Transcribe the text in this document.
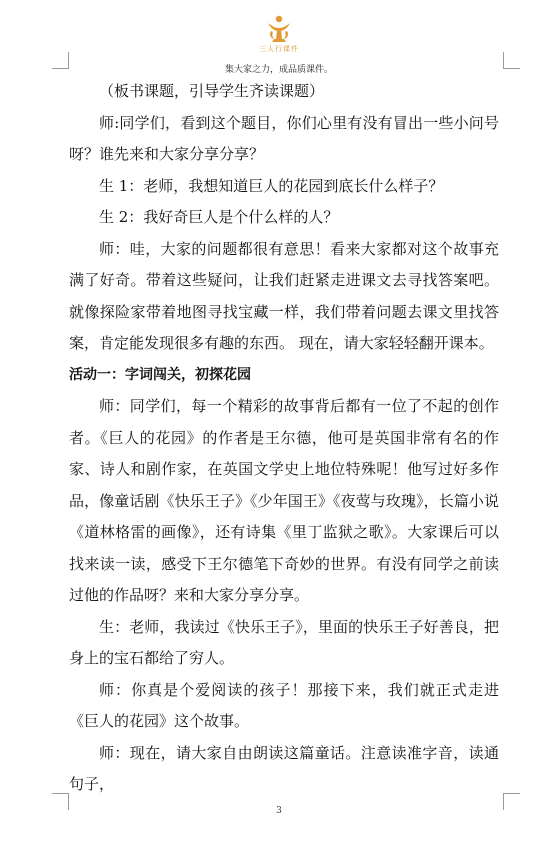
三人行课件
集大家之力，成品质课件。

（板书课题，引导学生齐读课题）

师:同学们，看到这个题目，你们心里有没有冒出一些小问号呀？谁先来和大家分享分享？

生 1：老师，我想知道巨人的花园到底长什么样子？

生 2：我好奇巨人是个什么样的人？

师：哇，大家的问题都很有意思！看来大家都对这个故事充满了好奇。带着这些疑问，让我们赶紧走进课文去寻找答案吧。就像探险家带着地图寻找宝藏一样，我们带着问题去课文里找答案，肯定能发现很多有趣的东西。 现在，请大家轻轻翻开课本。

活动一：字词闯关，初探花园

师：同学们，每一个精彩的故事背后都有一位了不起的创作者。《巨人的花园》的作者是王尔德，他可是英国非常有名的作家、诗人和剧作家，在英国文学史上地位特殊呢！他写过好多作品，像童话剧《快乐王子》《少年国王》《夜莺与玫瑰》，长篇小说《道林格雷的画像》，还有诗集《里丁监狱之歌》。大家课后可以找来读一读，感受下王尔德笔下奇妙的世界。有没有同学之前读过他的作品呀？来和大家分享分享。

生：老师，我读过《快乐王子》，里面的快乐王子好善良，把身上的宝石都给了穷人。

师：你真是个爱阅读的孩子！那接下来，我们就正式走进《巨人的花园》这个故事。

师：现在，请大家自由朗读这篇童话。注意读准字音，读通句子，

3
